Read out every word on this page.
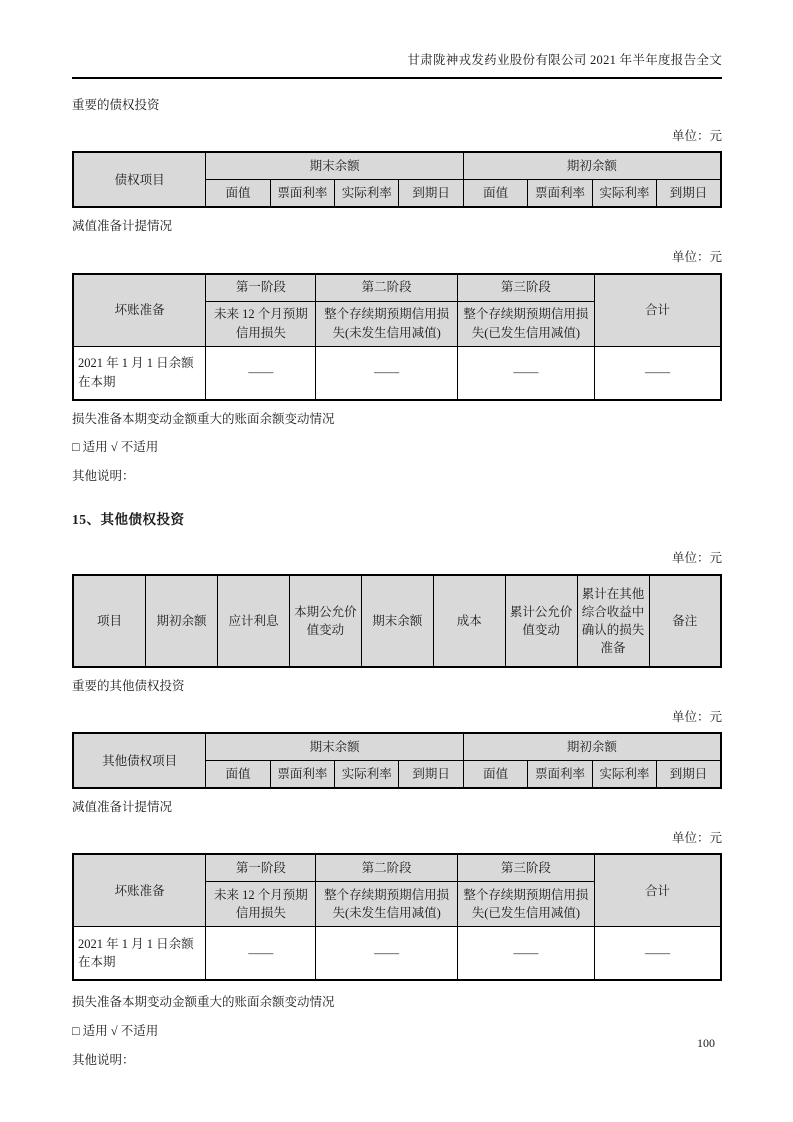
甘肃陇神戎发药业股份有限公司 2021 年半年度报告全文

重要的债权投资

单位：元

债权项目	期末余额				期初余额			
	面值	票面利率	实际利率	到期日	面值	票面利率	实际利率	到期日

减值准备计提情况

单位：元

坏账准备	第一阶段	第二阶段	第三阶段	合计
	未来 12 个月预期信用损失	整个存续期预期信用损失(未发生信用减值)	整个存续期预期信用损失(已发生信用减值)	
2021 年 1 月 1 日余额在本期	——	——	——	——

损失准备本期变动金额重大的账面余额变动情况

□ 适用 √ 不适用

其他说明：

15、其他债权投资

单位：元

项目	期初余额	应计利息	本期公允价值变动	期末余额	成本	累计公允价值变动	累计在其他综合收益中确认的损失准备	备注

重要的其他债权投资

单位：元

其他债权项目	期末余额				期初余额			
	面值	票面利率	实际利率	到期日	面值	票面利率	实际利率	到期日

减值准备计提情况

单位：元

坏账准备	第一阶段	第二阶段	第三阶段	合计
	未来 12 个月预期信用损失	整个存续期预期信用损失(未发生信用减值)	整个存续期预期信用损失(已发生信用减值)	
2021 年 1 月 1 日余额在本期	——	——	——	——

损失准备本期变动金额重大的账面余额变动情况

□ 适用 √ 不适用

其他说明：

100
